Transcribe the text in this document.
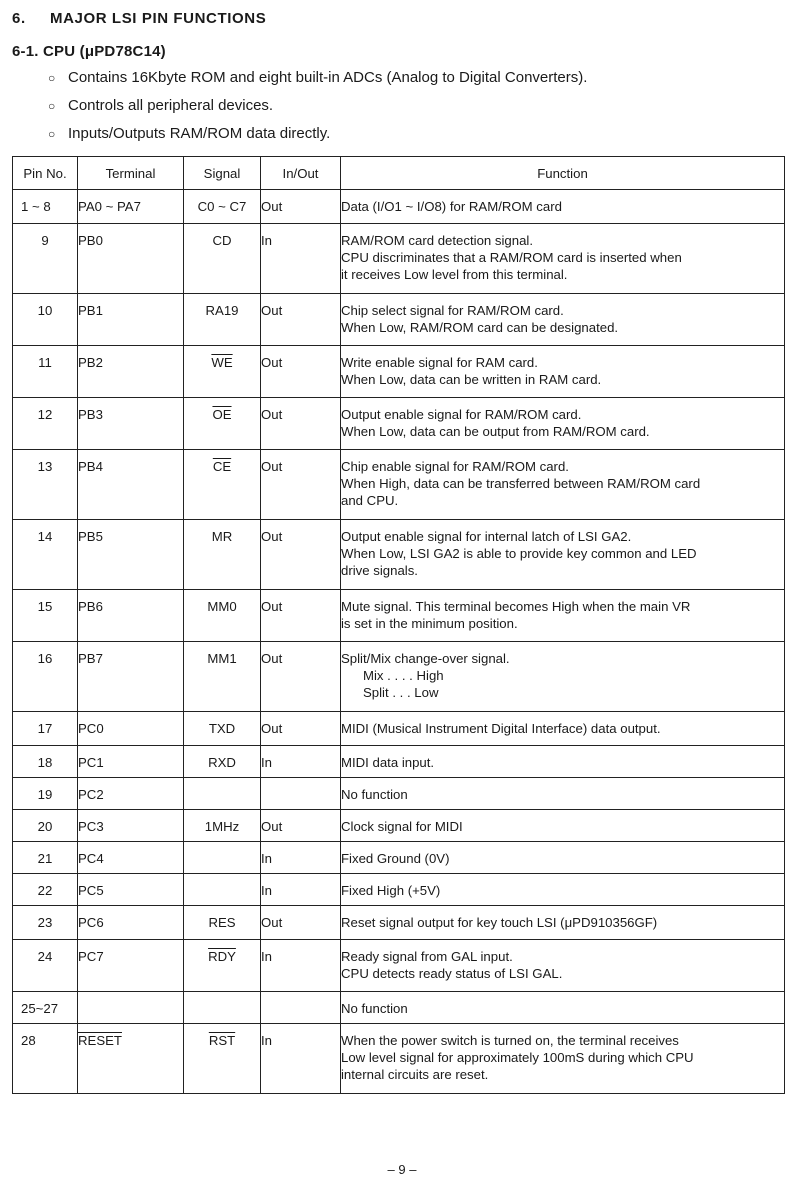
6. MAJOR LSI PIN FUNCTIONS
6-1. CPU (μPD78C14)
○ Contains 16Kbyte ROM and eight built-in ADCs (Analog to Digital Converters).
○ Controls all peripheral devices.
○ Inputs/Outputs RAM/ROM data directly.
Pin No.	Terminal	Signal	In/Out	Function
1 ~ 8	PA0 ~ PA7	C0 ~ C7	Out	Data (I/O1 ~ I/O8) for RAM/ROM card

9	PB0	CD	In	RAM/ROM card detection signal.
CPU discriminates that a RAM/ROM card is inserted when
it receives Low level from this terminal.

10	PB1	RA19	Out	Chip select signal for RAM/ROM card.
When Low, RAM/ROM card can be designated.

11	PB2	$\overline{WE}$	Out	Write enable signal for RAM card.
When Low, data can be written in RAM card.

12	PB3	$\overline{OE}$	Out	Output enable signal for RAM/ROM card.
When Low, data can be output from RAM/ROM card.

13	PB4	$\overline{CE}$	Out	Chip enable signal for RAM/ROM card.
When High, data can be transferred between RAM/ROM card
and CPU.

14	PB5	MR	Out	Output enable signal for internal latch of LSI GA2.
When Low, LSI GA2 is able to provide key common and LED
drive signals.

15	PB6	MM0	Out	Mute signal. This terminal becomes High when the main VR
is set in the minimum position.

16	PB7	MM1	Out	Split/Mix change-over signal.
Mix . . . . High
Split . . . Low

17	PC0	TXD	Out	MIDI (Musical Instrument Digital Interface) data output.

18	PC1	RXD	In	MIDI data input.

19	PC2			No function

20	PC3	1MHz	Out	Clock signal for MIDI

21	PC4		In	Fixed Ground (0V)

22	PC5		In	Fixed High (+5V)

23	PC6	RES	Out	Reset signal output for key touch LSI (μPD910356GF)

24	PC7	$\overline{RDY}$	In	Ready signal from GAL input.
CPU detects ready status of LSI GAL.

25~27				No function

28	RESET	$\overline{RST}$	In	When the power switch is turned on, the terminal receives
Low level signal for approximately 100mS during which CPU
internal circuits are reset.
– 9 –
